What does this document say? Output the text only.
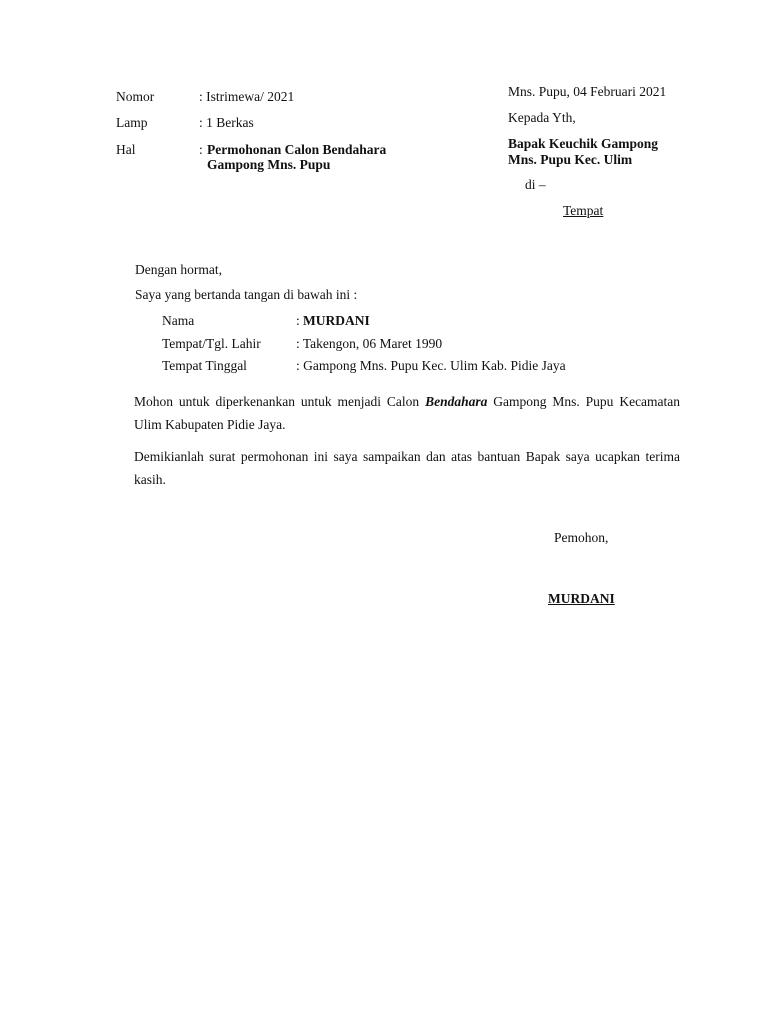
Nomor	: Istrimewa/ 2021
Lamp	: 1 Berkas
Hal	: Permohonan Calon Bendahara
Gampong Mns. Pupu
Mns. Pupu, 04 Februari 2021
Kepada Yth,
Bapak Keuchik Gampong
Mns. Pupu Kec. Ulim
di –
Tempat
Dengan hormat,
Saya yang bertanda tangan di bawah ini :
Nama	: MURDANI
Tempat/Tgl. Lahir	: Takengon, 06 Maret 1990
Tempat Tinggal	: Gampong Mns. Pupu Kec. Ulim Kab. Pidie Jaya
Mohon untuk diperkenankan untuk menjadi Calon Bendahara Gampong Mns. Pupu Kecamatan Ulim Kabupaten Pidie Jaya.
Demikianlah surat permohonan ini saya sampaikan dan atas bantuan Bapak saya ucapkan terima kasih.
Pemohon,
MURDANI
